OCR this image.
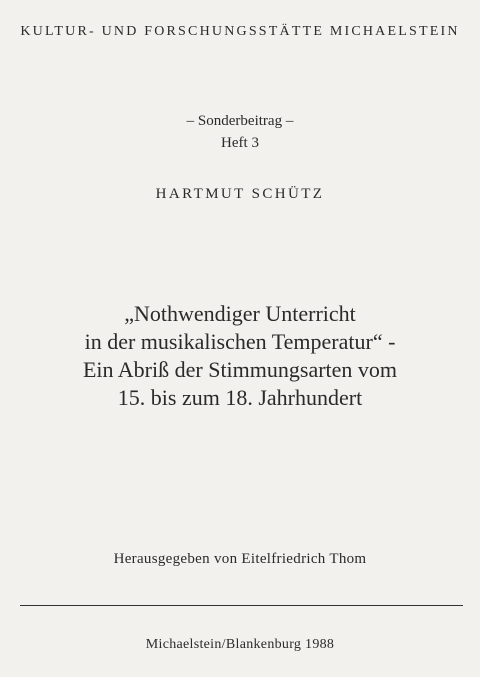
KULTUR- UND FORSCHUNGSSTÄTTE MICHAELSTEIN
– Sonderbeitrag –
Heft 3
HARTMUT SCHÜTZ
„Nothwendiger Unterricht
in der musikalischen Temperatur“ -
Ein Abriß der Stimmungsarten vom
15. bis zum 18. Jahrhundert
Herausgegeben von Eitelfriedrich Thom
Michaelstein/Blankenburg 1988
